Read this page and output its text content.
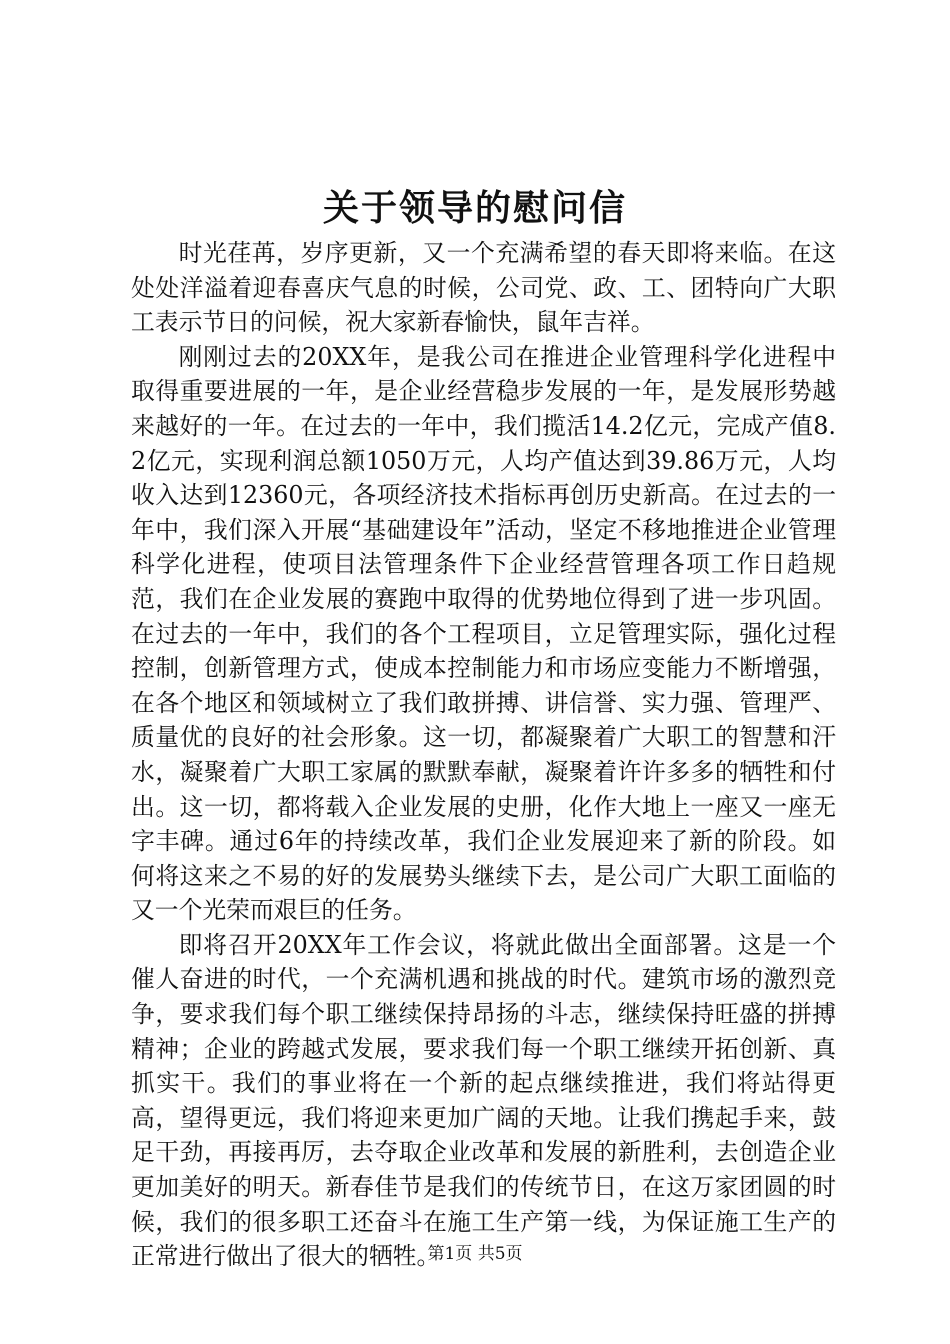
关于领导的慰问信

时光荏苒，岁序更新，又一个充满希望的春天即将来临。在这处处洋溢着迎春喜庆气息的时候，公司党、政、工、团特向广大职工表示节日的问候，祝大家新春愉快，鼠年吉祥。

刚刚过去的20XX年，是我公司在推进企业管理科学化进程中取得重要进展的一年，是企业经营稳步发展的一年，是发展形势越来越好的一年。在过去的一年中，我们揽活14.2亿元，完成产值8.2亿元，实现利润总额1050万元，人均产值达到39.86万元，人均收入达到12360元，各项经济技术指标再创历史新高。在过去的一年中，我们深入开展“基础建设年”活动，坚定不移地推进企业管理科学化进程，使项目法管理条件下企业经营管理各项工作日趋规范，我们在企业发展的赛跑中取得的优势地位得到了进一步巩固。在过去的一年中，我们的各个工程项目，立足管理实际，强化过程控制，创新管理方式，使成本控制能力和市场应变能力不断增强，在各个地区和领域树立了我们敢拼搏、讲信誉、实力强、管理严、质量优的良好的社会形象。这一切，都凝聚着广大职工的智慧和汗水，凝聚着广大职工家属的默默奉献，凝聚着许许多多的牺牲和付出。这一切，都将载入企业发展的史册，化作大地上一座又一座无字丰碑。通过6年的持续改革，我们企业发展迎来了新的阶段。如何将这来之不易的好的发展势头继续下去，是公司广大职工面临的又一个光荣而艰巨的任务。

即将召开20XX年工作会议，将就此做出全面部署。这是一个催人奋进的时代，一个充满机遇和挑战的时代。建筑市场的激烈竞争，要求我们每个职工继续保持昂扬的斗志，继续保持旺盛的拼搏精神；企业的跨越式发展，要求我们每一个职工继续开拓创新、真抓实干。我们的事业将在一个新的起点继续推进，我们将站得更高，望得更远，我们将迎来更加广阔的天地。让我们携起手来，鼓足干劲，再接再厉，去夺取企业改革和发展的新胜利，去创造企业更加美好的明天。新春佳节是我们的传统节日，在这万家团圆的时候，我们的很多职工还奋斗在施工生产第一线，为保证施工生产的正常进行做出了很大的牺牲。

第1页 共5页
